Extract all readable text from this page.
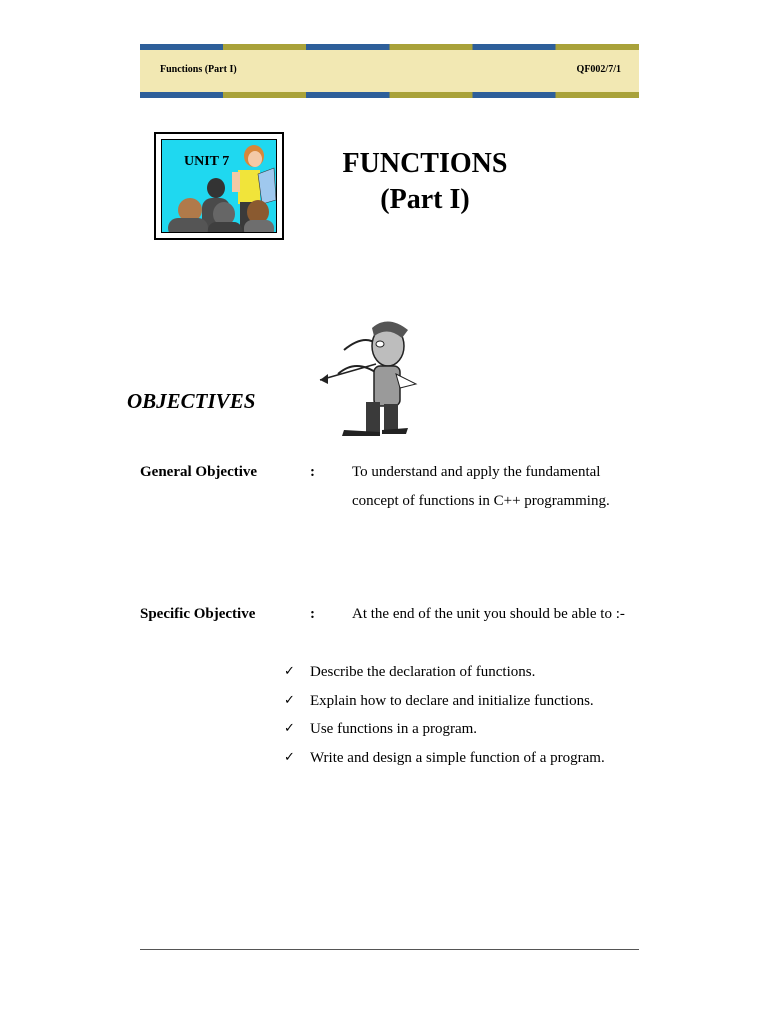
Functions (Part I)	QF002/7/1
UNIT 7	FUNCTIONS
(Part I)
OBJECTIVES
General Objective	: To understand and apply the fundamental
concept of functions in C++ programming.
Specific Objective	: At the end of the unit you should be able to :-
✓	Describe the declaration of functions.
✓	Explain how to declare and initialize functions.
✓	Use functions in a program.
✓	Write and design a simple function of a program.
